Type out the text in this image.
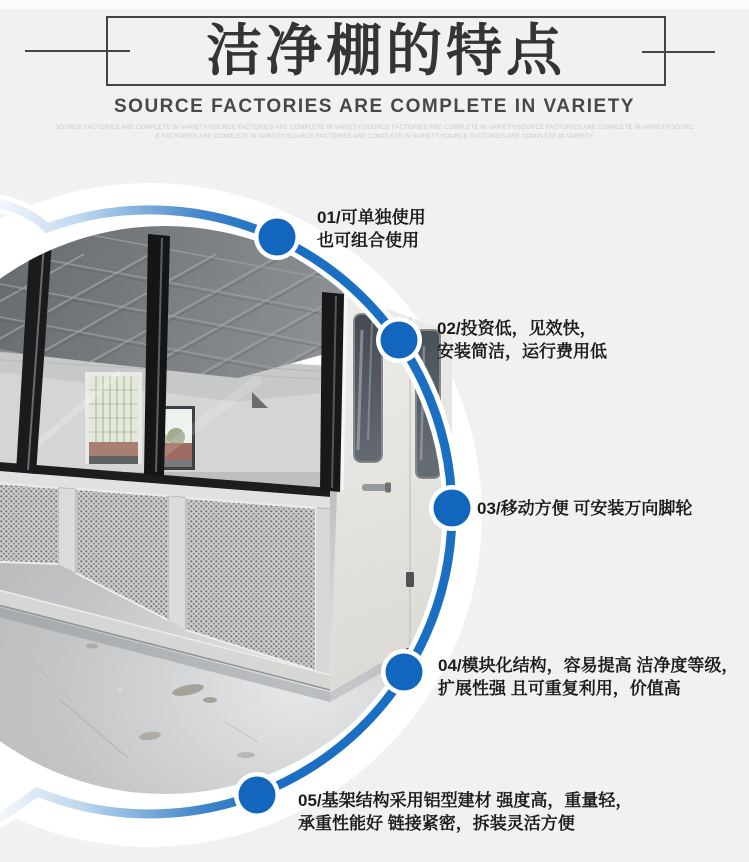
洁净棚的特点
SOURCE FACTORIES ARE COMPLETE IN VARIETY
SOURCE FACTORIES ARE COMPLETE IN VARIETY/SOURCE FACTORIES ARE COMPLETE IN VARIETY/SOURCE FACTORIES ARE COMPLETE IN VARIETY/SOURCE FACTORIES ARE COMPLETE IN VARIETY/SOURC
E FACTORIES ARE COMPLETE IN VARIETY/SOURCE FACTORIES ARE COMPLETE IN VARIETY/SOURCE FACTORIES ARE COMPLETE IN VARIETY
01/可单独使用
也可组合使用
02/投资低，见效快，
安装简洁，运行费用低
03/移动方便 可安装万向脚轮
04/模块化结构，容易提高 洁净度等级，
扩展性强 且可重复利用，价值高
05/基架结构采用铝型建材 强度高，重量轻，
承重性能好 链接紧密，拆装灵活方便
